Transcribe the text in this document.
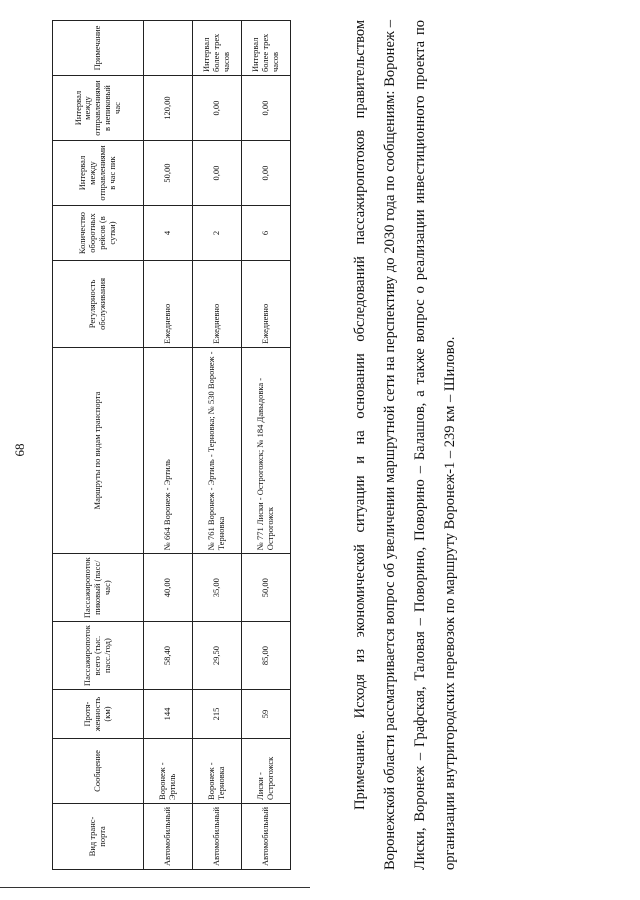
68
Вид транс-порта	Сообщение	Протя-женность (км)	Пассажиропоток всего (тыс. пасс./год)	Пассажиропоток пиковый (пасс/час)	Маршруты по видам транспорта	Регулярность обслуживания	Количество оборотных рейсов (в сутки)	Интервал между отправлениями в час пик	Интервал между отправлениями в непиковый час	Примечание
Автомобильный	Воронеж - Эртиль	144	58,40	40,00	№ 664 Воронеж - Эртиль	Ежедневно	4	50,00	120,00	
Автомобильный	Воронеж - Терновка	215	29,50	35,00	№ 761 Воронеж - Эртиль - Терновка; № 530 Воронеж - Терновка	Ежедневно	2	0,00	0,00	Интервал более трех часов
Автомобильный	Лиски - Острогожск	59	85,00	50,00	№ 771 Лиски - Острогожск; № 184 Давыдовка - Острогожск	Ежедневно	6	0,00	0,00	Интервал более трех часов	Примечание. Исходя из экономической ситуации и на основании обследований пассажиропотоков правительством Воронежской области рассматривается вопрос об увеличении маршрутной сети на перспективу до 2030 года по сообщениям: Воронеж – Лиски, Воронеж – Графская, Таловая – Поворино, Поворино – Балашов, а также вопрос о реализации инвестиционного проекта по организации внутригородских перевозок по маршруту Воронеж-1 – 239 км – Шилово.
